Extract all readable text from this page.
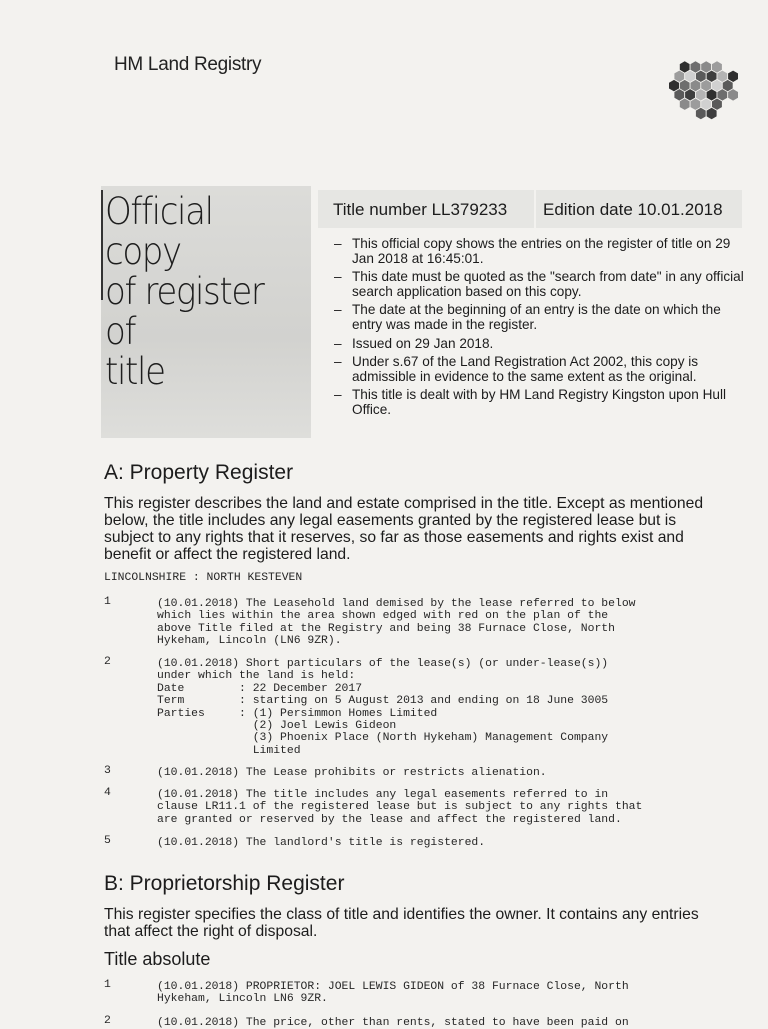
HM Land Registry
Official copy
of register of
title
Title number LL379233 Edition date 10.01.2018
– This official copy shows the entries on the register of title on 29 Jan 2018 at 16:45:01.
– This date must be quoted as the "search from date" in any official search application based on this copy.
– The date at the beginning of an entry is the date on which the entry was made in the register.
– Issued on 29 Jan 2018.
– Under s.67 of the Land Registration Act 2002, this copy is admissible in evidence to the same extent as the original.
– This title is dealt with by HM Land Registry Kingston upon Hull Office.
A: Property Register
This register describes the land and estate comprised in the title. Except as mentioned below, the title includes any legal easements granted by the registered lease but is subject to any rights that it reserves, so far as those easements and rights exist and benefit or affect the registered land.
LINCOLNSHIRE : NORTH KESTEVEN
1	(10.01.2018) The Leasehold land demised by the lease referred to below
which lies within the area shown edged with red on the plan of the
above Title filed at the Registry and being 38 Furnace Close, North
Hykeham, Lincoln (LN6 9ZR).
2	(10.01.2018) Short particulars of the lease(s) (or under-lease(s))
under which the land is held:
Date        : 22 December 2017
Term        : starting on 5 August 2013 and ending on 18 June 3005
Parties     : (1) Persimmon Homes Limited
(2) Joel Lewis Gideon
(3) Phoenix Place (North Hykeham) Management Company
Limited
3	(10.01.2018) The Lease prohibits or restricts alienation.
4	(10.01.2018) The title includes any legal easements referred to in
clause LR11.1 of the registered lease but is subject to any rights that
are granted or reserved by the lease and affect the registered land.
5	(10.01.2018) The landlord's title is registered.
B: Proprietorship Register
This register specifies the class of title and identifies the owner. It contains any entries that affect the right of disposal.
Title absolute
1	(10.01.2018) PROPRIETOR: JOEL LEWIS GIDEON of 38 Furnace Close, North
Hykeham, Lincoln LN6 9ZR.
2	(10.01.2018) The price, other than rents, stated to have been paid on
